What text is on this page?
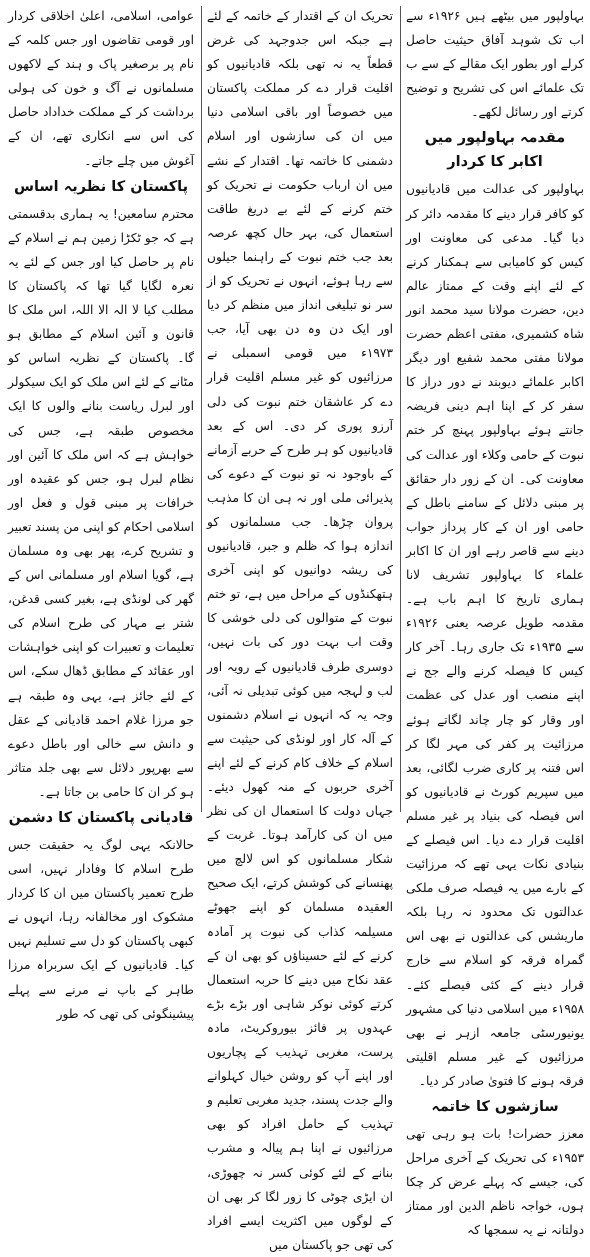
بہاولپور میں بیٹھے ہیں ۱۹۲۶ء سے اب تک شوہد آفاق حیثیت حاصل کرلے اور بطور ایک مقالے کے سے ب تک علمائے اس کی تشریح و توضیح کرتے اور رسائل لکھے۔

مقدمہ بہاولپور میں اکابر کا کردار

بہاولپور کی عدالت میں قادیانیوں کو کافر قرار دینے کا مقدمہ دائر کر دیا گیا۔ مدعی کی معاونت اور کیس کو کامیابی سے ہمکنار کرنے کے لئے اپنے وقت کے ممتاز عالم دین، حضرت مولانا سید محمد انور شاہ کشمیری، مفتی اعظم حضرت مولانا مفتی محمد شفیع اور دیگر اکابر علمائے دیوبند نے دور دراز کا سفر کر کے اپنا اہم دینی فریضہ جانتے ہوئے بہاولپور پہنچ کر ختم نبوت کے حامی وکلاء اور عدالت کی معاونت کی۔ ان کے زور دار حقائق پر مبنی دلائل کے سامنے باطل کے حامی اور ان کے کار پرداز جواب دینے سے قاصر رہے اور ان کا اکابر علماء کا بہاولپور تشریف لانا ہماری تاریخ کا اہم باب ہے۔ مقدمہ طویل عرصہ یعنی ۱۹۲۶ء سے ۱۹۳۵ء تک جاری رہا۔ آخر کار کیس کا فیصلہ کرنے والے جج نے اپنے منصب اور عدل کی عظمت اور وقار کو چار چاند لگاتے ہوئے مرزائیت پر کفر کی مہر لگا کر اس فتنہ پر کاری ضرب لگائی، بعد میں سپریم کورٹ نے قادیانیوں کو اس فیصلہ کی بنیاد پر غیر مسلم اقلیت قرار دے دیا۔ اس فیصلے کے بنیادی نکات یہی تھے کہ مرزائیت کے بارے میں یہ فیصلہ صرف ملکی عدالتوں تک محدود نہ رہا بلکہ ماریشس کی عدالتوں نے بھی اس گمراہ فرقہ کو اسلام سے خارج قرار دینے کے کئی فیصلے کئے۔ ۱۹۵۸ء میں اسلامی دنیا کی مشہور یونیورسٹی جامعہ ازہر نے بھی مرزائیوں کے غیر مسلم اقلیتی فرقہ ہونے کا فتویٰ صادر کر دیا۔

سازشوں کا خاتمہ

معزز حضرات! بات ہو رہی تھی ۱۹۵۳ء کی تحریک کے آخری مراحل کی، جیسے کہ پہلے عرض کر چکا ہوں، خواجہ ناظم الدین اور ممتاز دولتانہ نے یہ سمجھا کہ

تحریک ان کے اقتدار کے خاتمہ کے لئے ہے جبکہ اس جدوجہد کی غرض قطعاً یہ نہ تھی بلکہ قادیانیوں کو اقلیت قرار دے کر مملکت پاکستان میں خصوصاً اور باقی اسلامی دنیا میں ان کی سازشوں اور اسلام دشمنی کا خاتمہ تھا۔ اقتدار کے نشے میں ان ارباب حکومت نے تحریک کو ختم کرنے کے لئے بے دریغ طاقت استعمال کی، بہر حال کچھ عرصہ بعد جب ختم نبوت کے راہنما جیلوں سے رہا ہوئے، انہوں نے تحریک کو از سر نو تبلیغی انداز میں منظم کر دیا اور ایک دن وہ دن بھی آیا، جب ۱۹۷۳ء میں قومی اسمبلی نے مرزائیوں کو غیر مسلم اقلیت قرار دے کر عاشقان ختم نبوت کی دلی آرزو پوری کر دی۔ اس کے بعد قادیانیوں کو ہر طرح کے حربے آزمانے کے باوجود نہ تو نبوت کے دعوے کی پذیرائی ملی اور نہ ہی ان کا مذہب پروان چڑھا۔ جب مسلمانوں کو اندازہ ہوا کہ ظلم و جبر، قادیانیوں کی ریشہ دوانیوں کو اپنی آخری ہتھکنڈوں کے مراحل میں ہے، تو ختم نبوت کے متوالوں کی دلی خوشی کا وقت اب بہت دور کی بات نہیں، دوسری طرف قادیانیوں کے رویہ اور لب و لہجہ میں کوئی تبدیلی نہ آئی، وجہ یہ کہ انہوں نے اسلام دشمنوں کے آلہ کار اور لونڈی کی حیثیت سے اسلام کے خلاف کام کرنے کے لئے اپنے آخری حربوں کے منہ کھول دیئے۔ جہاں دولت کا استعمال ان کی نظر میں ان کی کارآمد ہوتا۔ غربت کے شکار مسلمانوں کو اس لالچ میں پھنسانے کی کوشش کرتے، ایک صحیح العقیدہ مسلمان کو اپنے جھوٹے مسیلمہ کذاب کی نبوت پر آمادہ کرنے کے لئے حسیناؤں کو بھی ان کے عقد نکاح میں دینے کا حربہ استعمال کرتے کوئی نوکر شاہی اور بڑے بڑے عہدوں پر فائز بیوروکریٹ، مادہ پرست، مغربی تہذیب کے پچاریوں اور اپنے آپ کو روشن خیال کہلوانے والے جدت پسند، جدید مغربی تعلیم و تہذیب کے حامل افراد کو بھی مرزائیوں نے اپنا ہم پیالہ و مشرب بنانے کے لئے کوئی کسر نہ چھوڑی، ان ایڑی چوٹی کا زور لگا کر بھی ان کے لوگوں میں اکثریت ایسے افراد کی تھی جو پاکستان میں

عوامی، اسلامی، اعلیٰ اخلاقی کردار اور قومی تقاضوں اور جس کلمہ کے نام پر برصغیر پاک و ہند کے لاکھوں مسلمانوں نے آگ و خون کی ہولی برداشت کر کے مملکت خداداد حاصل کی اس سے انکاری تھے، ان کے آغوش میں چلے جاتے۔

پاکستان کا نظریہ اساس

محترم سامعین! یہ ہماری بدقسمتی ہے کہ جو ٹکڑا زمین ہم نے اسلام کے نام پر حاصل کیا اور جس کے لئے یہ نعرہ لگایا گیا تھا کہ پاکستان کا مطلب کیا لا الہ الا اللہ، اس ملک کا قانون و آئین اسلام کے مطابق ہو گا۔ پاکستان کے نظریہ اساس کو مٹانے کے لئے اس ملک کو ایک سیکولر اور لبرل ریاست بنانے والوں کا ایک مخصوص طبقہ ہے، جس کی خواہش ہے کہ اس ملک کا آئین اور نظام لبرل ہو، جس کو عقیدہ اور خرافات پر مبنی قول و فعل اور اسلامی احکام کو اپنی من پسند تعبیر و تشریح کرے، پھر بھی وہ مسلمان ہے، گویا اسلام اور مسلمانی اس کے گھر کی لونڈی ہے، بغیر کسی قدغن، شتر بے مہار کی طرح اسلام کی تعلیمات و تعبیرات کو اپنی خواہشات اور عقائد کے مطابق ڈھال سکے، اس کے لئے جائز ہے، یہی وہ طبقہ ہے جو مرزا غلام احمد قادیانی کے عقل و دانش سے خالی اور باطل دعوے سے بھرپور دلائل سے بھی جلد متاثر ہو کر ان کا حامی بن جاتا ہے۔

قادیانی پاکستان کا دشمن

حالانکہ یہی لوگ یہ حقیقت جس طرح اسلام کا وفادار نہیں، اسی طرح تعمیر پاکستان میں ان کا کردار مشکوک اور مخالفانہ رہا، انہوں نے کبھی پاکستان کو دل سے تسلیم نہیں کیا۔ قادیانیوں کے ایک سربراہ مرزا طاہر کے باپ نے مرنے سے پہلے پیشینگوئی کی تھی کہ طور
